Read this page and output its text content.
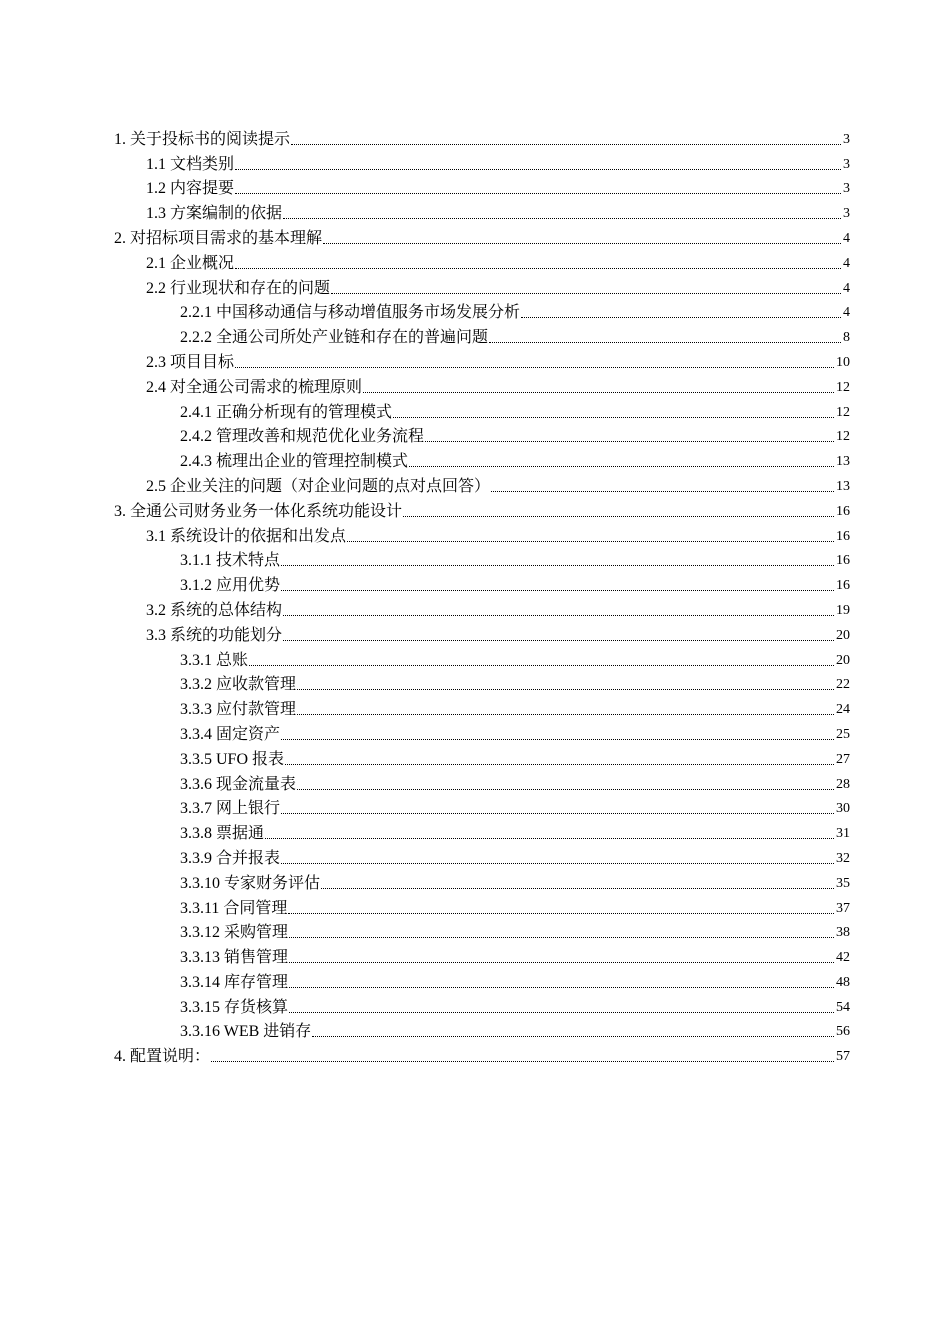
1. 关于投标书的阅读提示	3
1.1 文档类别	3
1.2 内容提要	3
1.3 方案编制的依据	3
2. 对招标项目需求的基本理解	4
2.1 企业概况	4
2.2 行业现状和存在的问题	4
2.2.1 中国移动通信与移动增值服务市场发展分析	4
2.2.2 全通公司所处产业链和存在的普遍问题	8
2.3 项目目标	10
2.4 对全通公司需求的梳理原则	12
2.4.1 正确分析现有的管理模式	12
2.4.2 管理改善和规范优化业务流程	12
2.4.3 梳理出企业的管理控制模式	13
2.5 企业关注的问题（对企业问题的点对点回答）	13
3. 全通公司财务业务一体化系统功能设计	16
3.1 系统设计的依据和出发点	16
3.1.1 技术特点	16
3.1.2 应用优势	16
3.2 系统的总体结构	19
3.3 系统的功能划分	20
3.3.1 总账	20
3.3.2 应收款管理	22
3.3.3 应付款管理	24
3.3.4 固定资产	25
3.3.5 UFO 报表	27
3.3.6 现金流量表	28
3.3.7 网上银行	30
3.3.8 票据通	31
3.3.9 合并报表	32
3.3.10 专家财务评估	35
3.3.11 合同管理	37
3.3.12 采购管理	38
3.3.13 销售管理	42
3.3.14 库存管理	48
3.3.15 存货核算	54
3.3.16 WEB 进销存	56
4. 配置说明：	57
